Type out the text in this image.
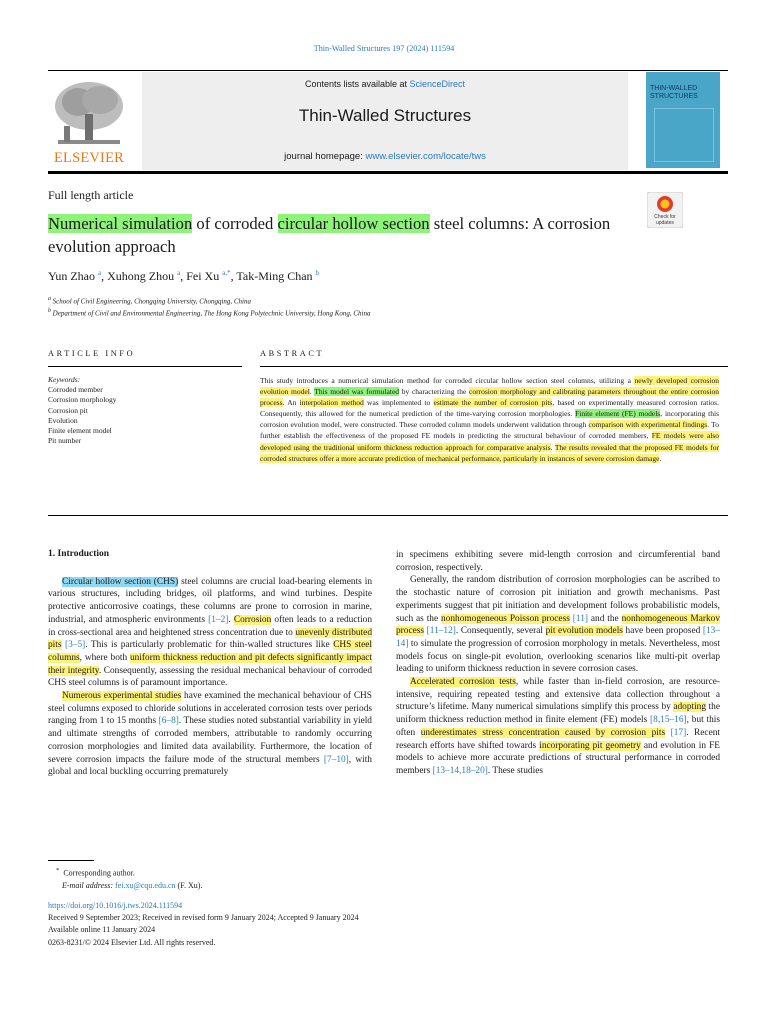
Thin-Walled Structures 197 (2024) 111594
ELSEVIER
Contents lists available at ScienceDirect
Thin-Walled Structures
journal homepage: www.elsevier.com/locate/tws
THIN-WALLED
STRUCTURES
Full length article
Check for
updates
Numerical simulation of corroded circular hollow section steel columns: A corrosion evolution approach
Yun Zhao $^a$, Xuhong Zhou $^a$, Fei Xu $^{a,*}$, Tak-Ming Chan $^b$
$^a$ School of Civil Engineering, Chongqing University, Chongqing, China
$^b$ Department of Civil and Environmental Engineering, The Hong Kong Polytechnic University, Hong Kong, China
ARTICLE INFO	ABSTRACT
Keywords:
Corroded member
Corrosion morphology
Corrosion pit
Evolution
Finite element model
Pit number
This study introduces a numerical simulation method for corroded circular hollow section steel columns, utilizing a newly developed corrosion evolution model. This model was formulated by characterizing the corrosion morphology and calibrating parameters throughout the entire corrosion process. An interpolation method was implemented to estimate the number of corrosion pits, based on experimentally measured corrosion ratios. Consequently, this allowed for the numerical prediction of the time-varying corrosion morphologies. Finite element (FE) models, incorporating this corrosion evolution model, were constructed. These corroded column models underwent validation through comparison with experimental findings. To further establish the effectiveness of the proposed FE models in predicting the structural behaviour of corroded members, FE models were also developed using the traditional uniform thickness reduction approach for comparative analysis. The results revealed that the proposed FE models for corroded structures offer a more accurate prediction of mechanical performance, particularly in instances of severe corrosion damage.
1. Introduction

Circular hollow section (CHS) steel columns are crucial load-bearing elements in various structures, including bridges, oil platforms, and wind turbines. Despite protective anticorrosive coatings, these columns are prone to corrosion in marine, industrial, and atmospheric environments [1–2]. Corrosion often leads to a reduction in cross-sectional area and heightened stress concentration due to unevenly distributed pits [3–5]. This is particularly problematic for thin-walled structures like CHS steel columns, where both uniform thickness reduction and pit defects significantly impact their integrity. Consequently, assessing the residual mechanical behaviour of corroded CHS steel columns is of paramount importance.

Numerous experimental studies have examined the mechanical behaviour of CHS steel columns exposed to chloride solutions in accelerated corrosion tests over periods ranging from 1 to 15 months [6–8]. These studies noted substantial variability in yield and ultimate strengths of corroded members, attributable to randomly occurring corrosion morphologies and limited data availability. Furthermore, the location of severe corrosion impacts the failure mode of the structural members [7–10], with global and local buckling occurring prematurely

in specimens exhibiting severe mid-length corrosion and circumferential band corrosion, respectively.

Generally, the random distribution of corrosion morphologies can be ascribed to the stochastic nature of corrosion pit initiation and growth mechanisms. Past experiments suggest that pit initiation and development follows probabilistic models, such as the nonhomogeneous Poisson process [11] and the nonhomogeneous Markov process [11–12]. Consequently, several pit evolution models have been proposed [13–14] to simulate the progression of corrosion morphology in metals. Nevertheless, most models focus on single-pit evolution, overlooking scenarios like multi-pit overlap leading to uniform thickness reduction in severe corrosion cases.

Accelerated corrosion tests, while faster than in-field corrosion, are resource-intensive, requiring repeated testing and extensive data collection throughout a structure’s lifetime. Many numerical simulations simplify this process by adopting the uniform thickness reduction method in finite element (FE) models [8,15–16], but this often underestimates stress concentration caused by corrosion pits [17]. Recent research efforts have shifted towards incorporating pit geometry and evolution in FE models to achieve more accurate predictions of structural performance in corroded members [13–14,18–20]. These studies

* Corresponding author.
E-mail address: fei.xu@cqu.edu.cn (F. Xu).
https://doi.org/10.1016/j.tws.2024.111594
Received 9 September 2023; Received in revised form 9 January 2024; Accepted 9 January 2024
Available online 11 January 2024
0263-8231/© 2024 Elsevier Ltd. All rights reserved.
